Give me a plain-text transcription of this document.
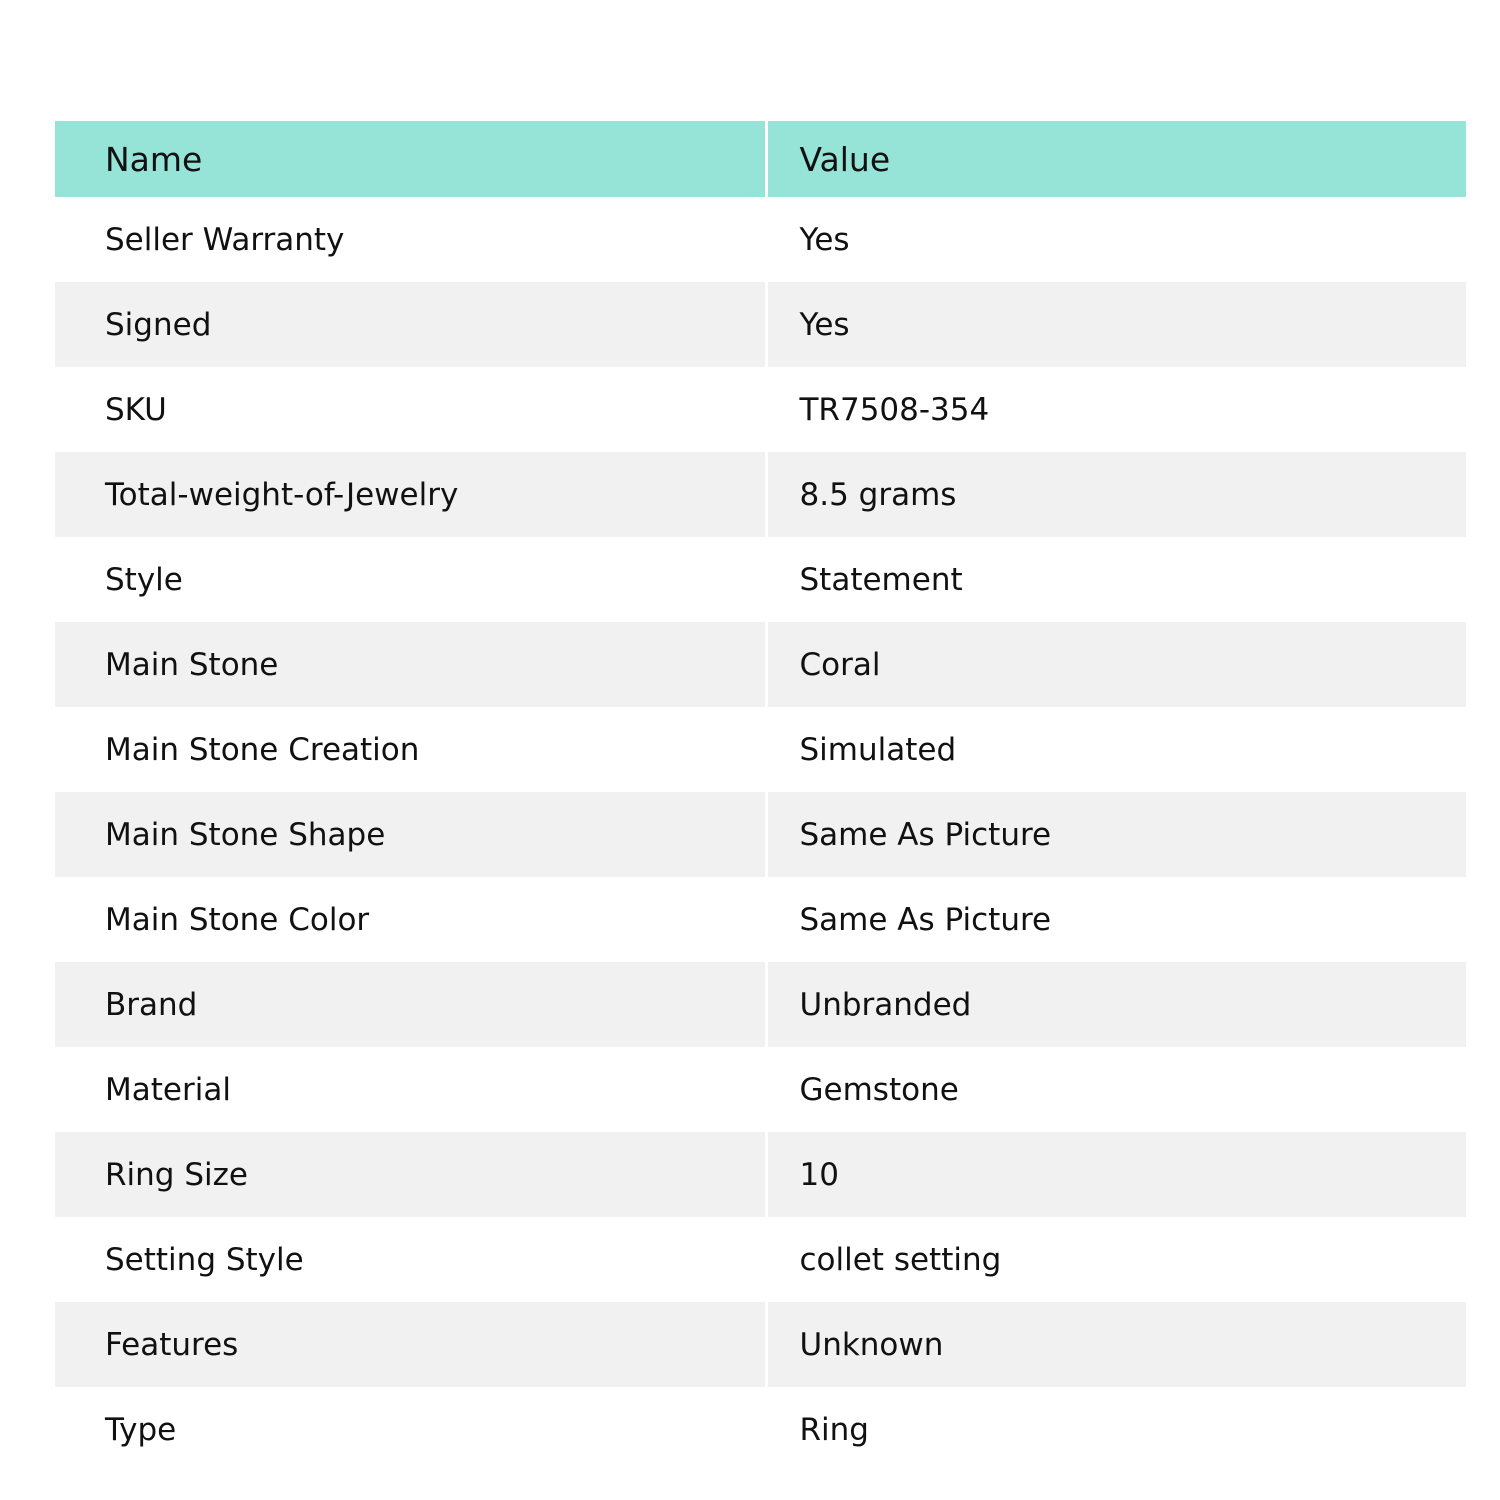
Name	Value
Seller Warranty	Yes
Signed	Yes
SKU	TR7508-354
Total-weight-of-Jewelry	8.5 grams
Style	Statement
Main Stone	Coral
Main Stone Creation	Simulated
Main Stone Shape	Same As Picture
Main Stone Color	Same As Picture
Brand	Unbranded
Material	Gemstone
Ring Size	10
Setting Style	collet setting
Features	Unknown
Type	Ring
